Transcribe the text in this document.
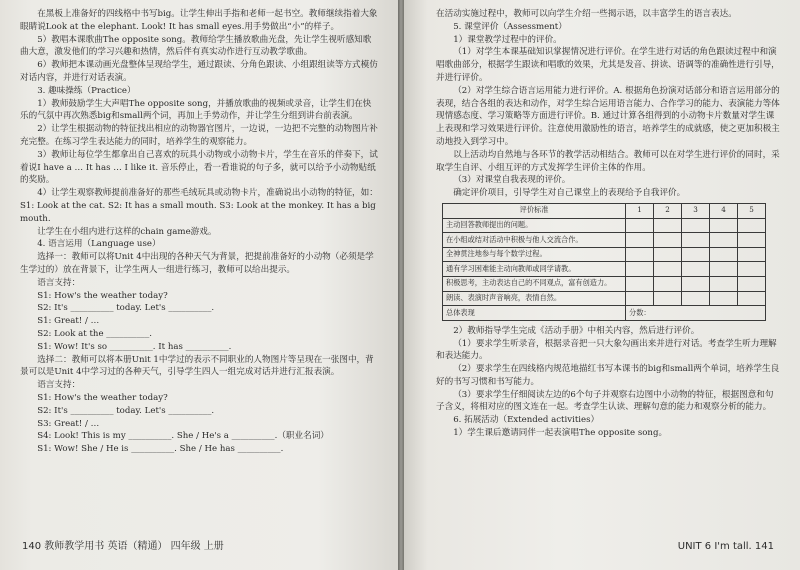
在黑板上准备好的四线格中书写big。让学生伸出手指和老师一起书空。教师继续指着大象眼睛说Look at the elephant. Look! It has small eyes.用手势做出“小”的样子。

5）教唱本课歌曲The opposite song。教师给学生播放歌曲光盘，先让学生视听感知歌曲大意，激发他们的学习兴趣和热情，然后伴有真实动作进行互动教学歌曲。

6）教师把本课动画光盘整体呈现给学生，通过跟读、分角色跟读、小组跟组读等方式模仿对话内容，并进行对话表演。

3. 趣味操练（Practice）

1）教师鼓励学生大声唱The opposite song，并播放歌曲的视频或录音，让学生们在快乐的气氛中再次熟悉big和small两个词，再加上手势动作，并让学生分组到讲台前表演。

2）让学生根据动物的特征找出相应的动物器官图片，一边说，一边把不完整的动物图片补充完整。在练习学生表达能力的同时，培养学生的观察能力。

3）教师让每位学生都拿出自己喜欢的玩具小动物或小动物卡片，学生在音乐的伴奏下，试着说I have a … It has … I like it. 音乐停止，看一看谁说的句子多，就可以给予小动物贴纸的奖励。

4）让学生观察教师提前准备好的那些毛绒玩具或动物卡片，准确说出小动物的特征，如：S1: Look at the cat. S2: It has a small mouth. S3: Look at the monkey. It has a big mouth.

让学生在小组内进行这样的chain game游戏。

4. 语言运用（Language use）

选择一：教师可以将Unit 4中出现的各种天气为背景，把提前准备好的小动物（必须是学生学过的）放在背景下，让学生两人一组进行练习，教师可以给出提示。

语言支持：

S1: How's the weather today?

S2: It's __________ today. Let's __________.

S1: Great! / …

S2: Look at the __________.

S1: Wow! It's so __________. It has __________.

选择二：教师可以将本册Unit 1中学过的表示不同职业的人物图片等呈现在一张图中，背景可以是Unit 4中学习过的各种天气，引导学生四人一组完成对话并进行汇报表演。

语言支持：

S1: How's the weather today?

S2: It's __________ today. Let's __________.

S3: Great! / …

S4: Look! This is my __________. She / He's a __________.（职业名词）

S1: Wow! She / He is __________. She / He has __________.

140 教师教学用书 英语（精通） 四年级 上册

在活动实施过程中，教师可以向学生介绍一些揭示语，以丰富学生的语言表达。

5. 课堂评价（Assessment）

1）课堂教学过程中的评价。

（1）对学生本课基础知识掌握情况进行评价。在学生进行对话的角色跟读过程中和演唱歌曲部分，根据学生跟读和唱歌的效果，尤其是发音、拼读、语调等的准确性进行引导，并进行评价。

（2）对学生综合语言运用能力进行评价。A. 根据角色扮演对话部分和语言运用部分的表现，结合各组的表达和动作，对学生综合运用语言能力、合作学习的能力、表演能力等体现情感态度、学习策略等方面进行评价。B. 通过计算各组得到的小动物卡片数量对学生课上表现和学习效果进行评价。注意使用激励性的语言，培养学生的成就感，使之更加积极主动地投入到学习中。

以上活动均自然地与各环节的教学活动相结合。教师可以在对学生进行评价的同时，采取学生自评、小组互评的方式发挥学生评价主体的作用。

（3）对课堂自我表现的评价。

确定评价项目，引导学生对自己课堂上的表现给予自我评价。

评价标准	1	2	3	4	5
主动回答教师提出的问题。					
在小组或结对活动中积极与他人交流合作。					
全神贯注地参与每个数学过程。					
通有学习困难能主动向教师或同学请教。					
积极思考，主动表达自己的不同观点，富有创造力。					
朗读、表演时声音响亮，表情自然。					
总体表现	分数：				

2）教师指导学生完成《活动手册》中相关内容，然后进行评价。

（1）要求学生听录音，根据录音把一只大象勾画出来并进行对话。考查学生听力理解和表达能力。

（2）要求学生在四线格内规范地描红书写本课书的big和small两个单词，培养学生良好的书写习惯和书写能力。

（3）要求学生仔细阅读左边的6个句子并观察右边图中小动物的特征，根据图意和句子含义，将相对应的图文连在一起。考查学生认读、理解句意的能力和观察分析的能力。

6. 拓展活动（Extended activities）

1）学生课后邀请同伴一起表演唱The opposite song。

UNIT 6 I'm tall. 141
